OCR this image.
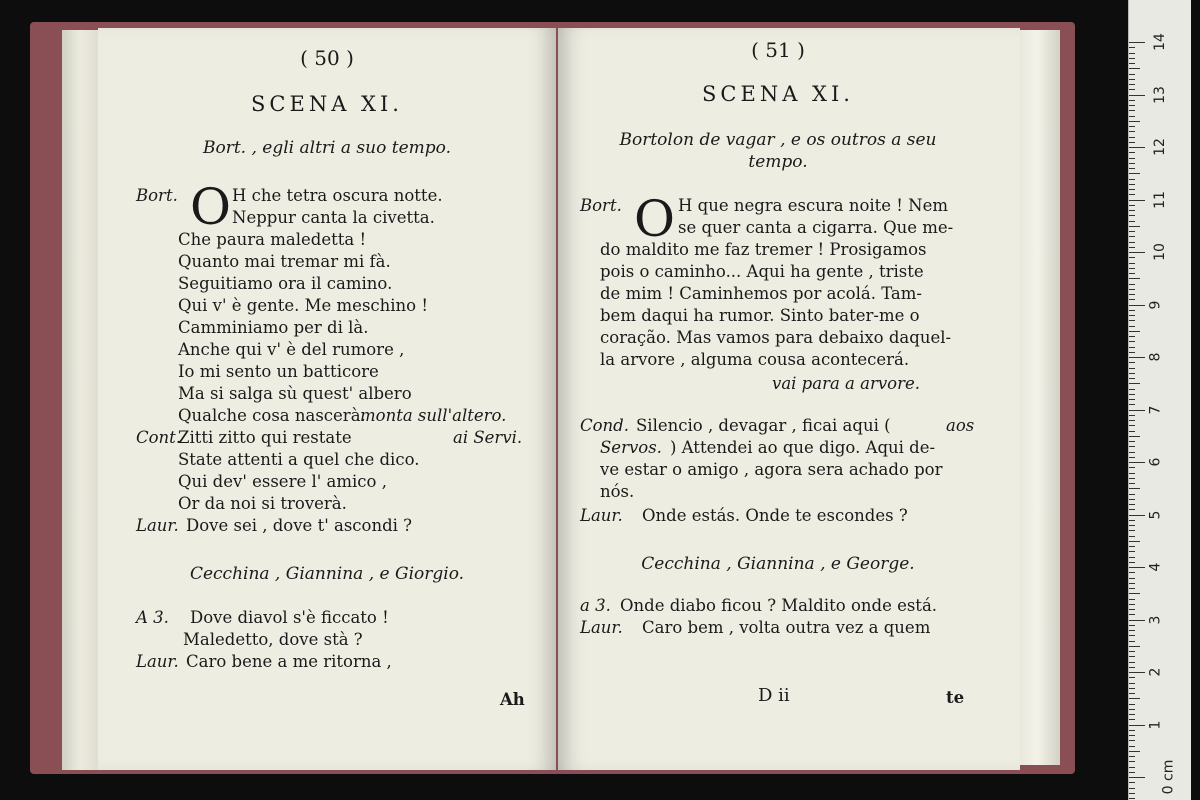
( 50 )
SCENA XI.
Bort. , egli altri a suo tempo.
Bort. O H che tetra oscura notte.
Neppur canta la civetta.
Che paura maledetta !
Quanto mai tremar mi fà.
Seguitiamo ora il camino.
Qui v' è gente. Me meschino !
Camminiamo per di là.
Anche qui v' è del rumore ,
Io mi sento un batticore
Ma si salga sù quest' albero
Qualche cosa nascerà.
monta sull'altero.
Cont.
Zitti zitto qui restate	ai Servi.
State attenti a quel che dico.
Qui dev' essere l' amico ,
Or da noi si troverà.
Laur. Dove sei , dove t' ascondi ?
Cecchina , Giannina , e Giorgio.
A 3. Dove diavol s'è ficcato !
Maledetto, dove stà ?
Laur. Caro bene a me ritorna ,
Ah
( 51 )
SCENA XI.
Bortolon de vagar , e os outros a seu
tempo.
Bort. O H que negra escura noite ! Nem
se quer canta a cigarra. Que me-
do maldito me faz tremer ! Prosigamos
pois o caminho... Aqui ha gente , triste
de mim ! Caminhemos por acolá. Tam-
bem daqui ha rumor. Sinto bater-me o
coração. Mas vamos para debaixo daquel-
la arvore , alguma cousa acontecerá.
vai para a arvore.
Cond. Silencio , devagar , ficai aqui (	aos
Servos. ) Attendei ao que digo. Aqui de-
ve estar o amigo , agora sera achado por
nós.
Laur. Onde estás. Onde te escondes ?
Cecchina , Giannina , e George.
a 3. Onde diabo ficou ? Maldito onde está.
Laur. Caro bem , volta outra vez a quem
D ii	te
14
13
12
11
10
9
8
7
6
5
4
3
2
1
0 cm
